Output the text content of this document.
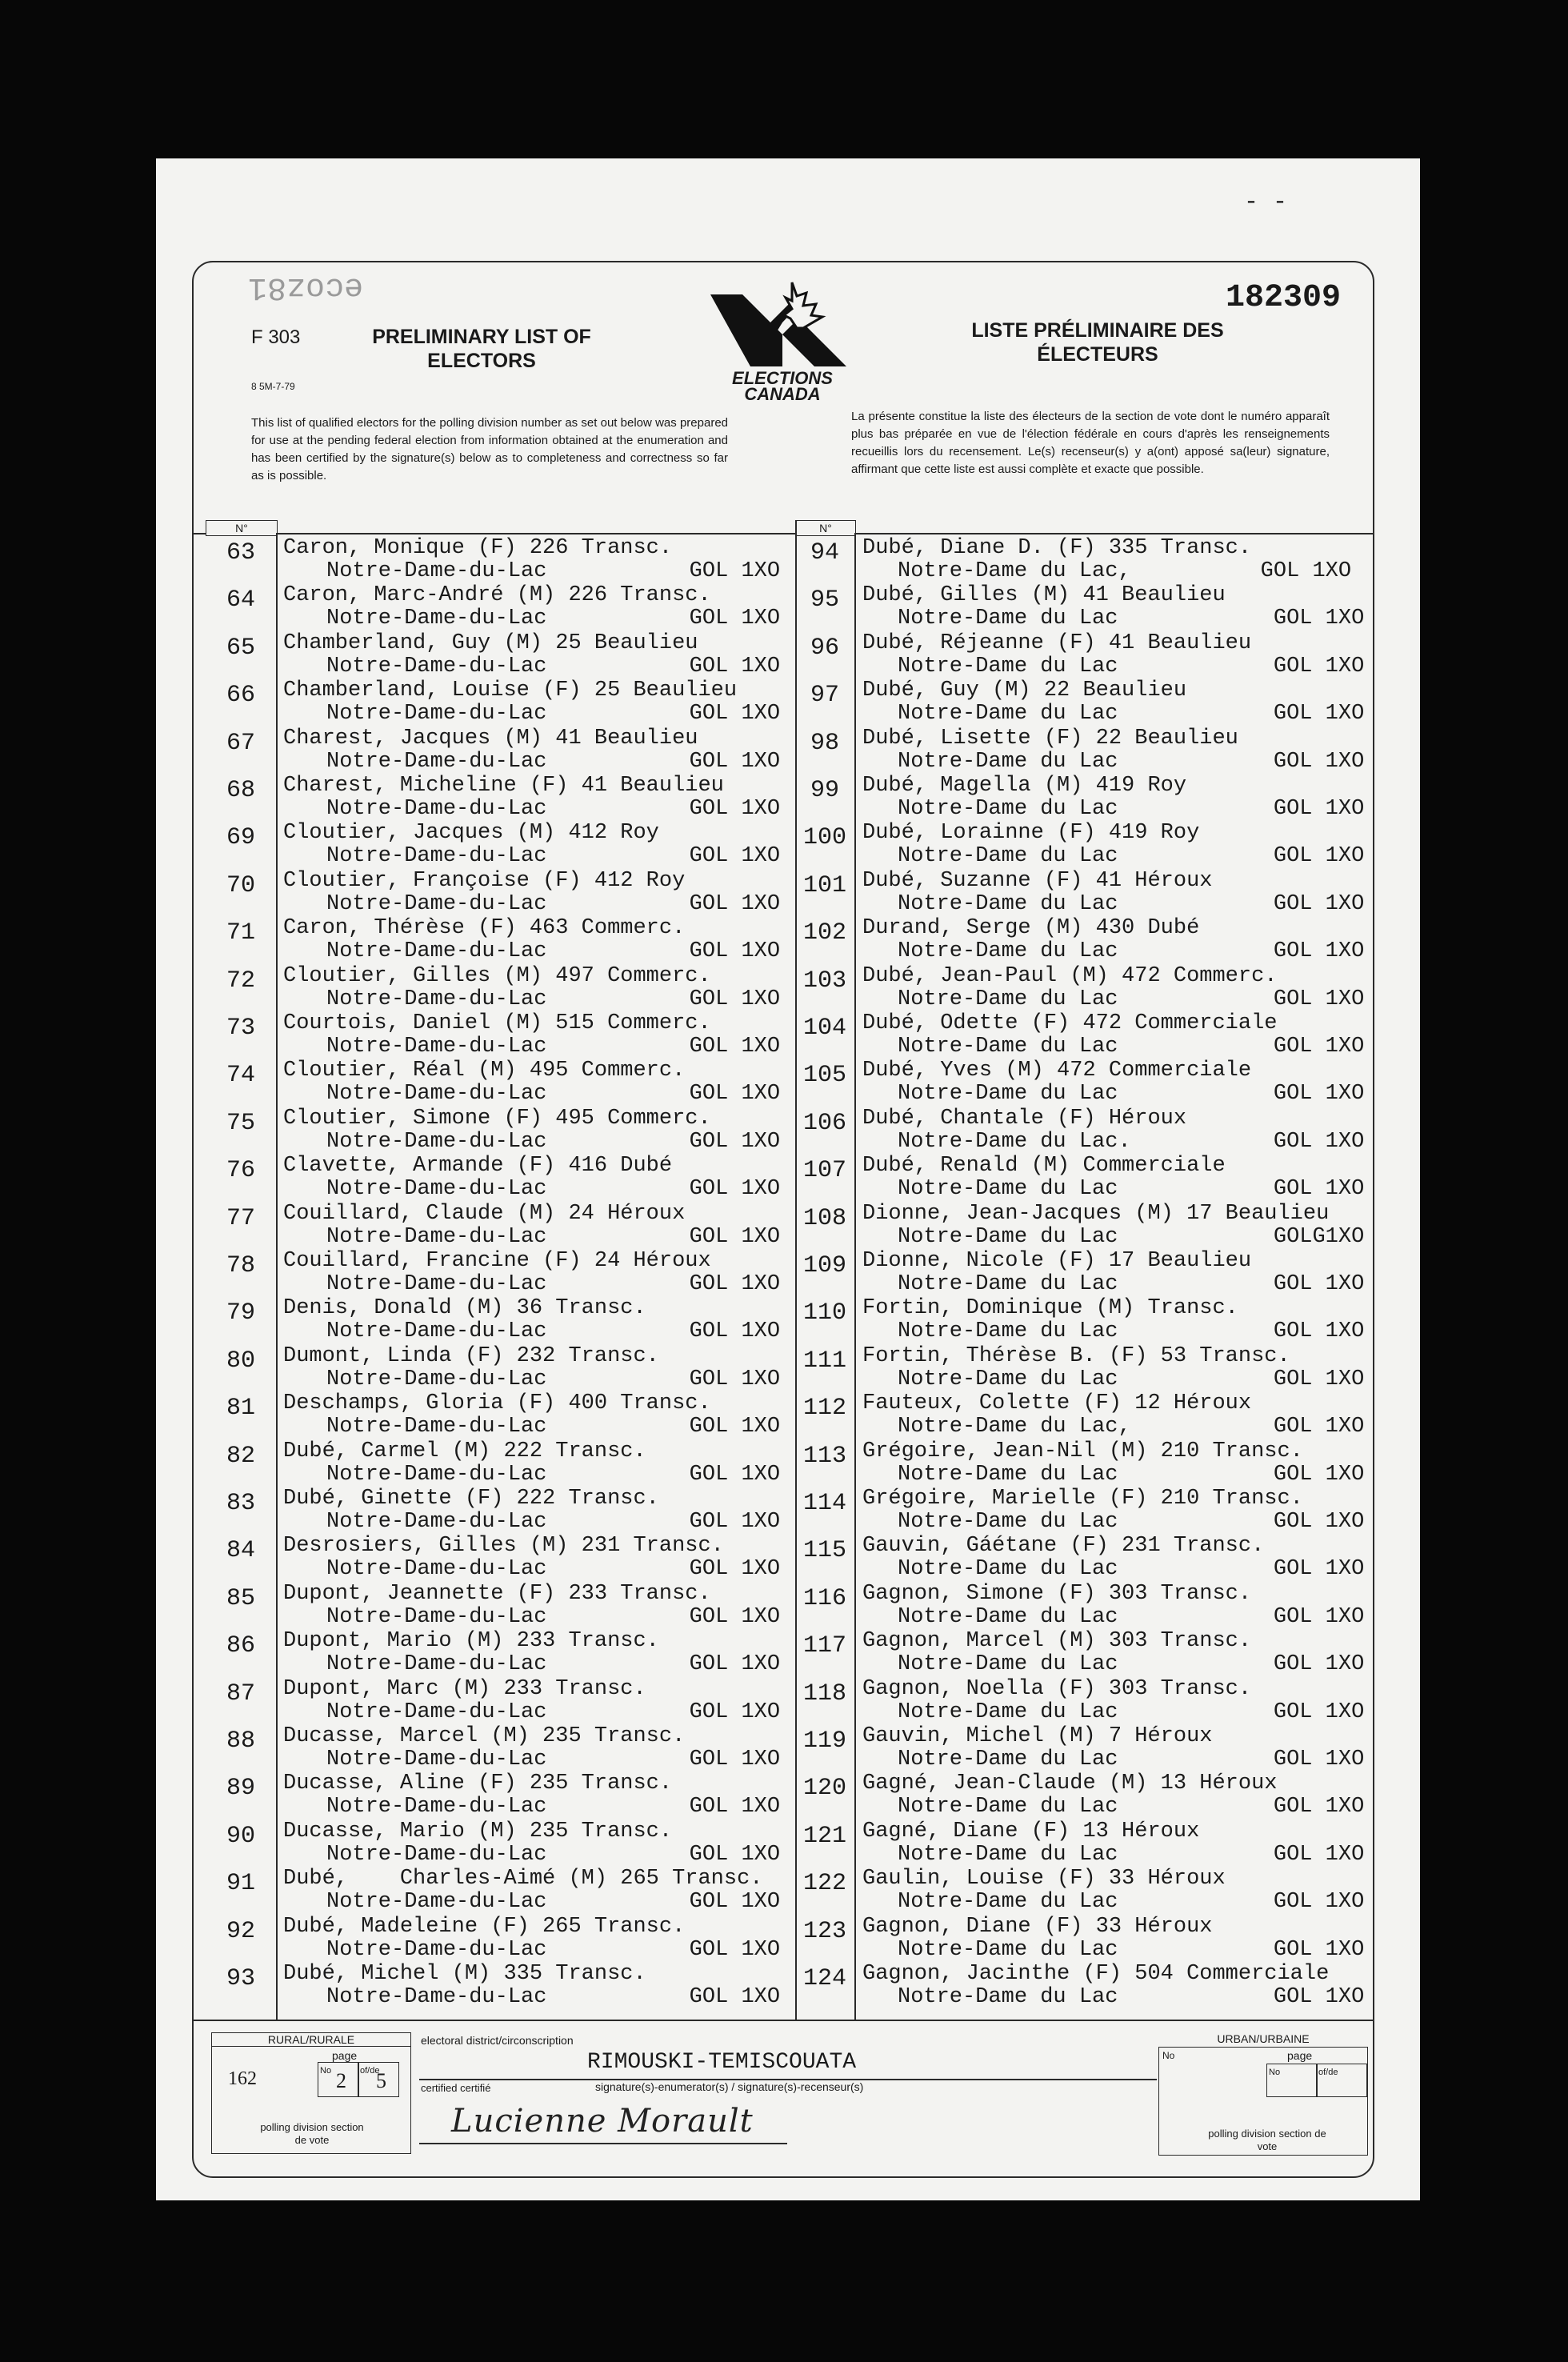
- -
ecoz81	182309
F 303
8 5M-7-79
PRELIMINARY LIST OF
ELECTORS
ELECTIONS
CANADA
LISTE PRÉLIMINAIRE DES
ÉLECTEURS
This list of qualified electors for the polling division number as set out below was prepared for use at the pending federal election from information obtained at the enumeration and has been certified by the signature(s) below as to completeness and correctness so far as is possible.
La présente constitue la liste des électeurs de la section de vote dont le numéro apparaît plus bas préparée en vue de l'élection fédérale en cours d'après les renseignements recueillis lors du recensement. Le(s) recenseur(s) y a(ont) apposé sa(leur) signature, affirmant que cette liste est aussi complète et exacte que possible.
N°	N°
63	Caron, Monique (F) 226 Transc.
Notre-Dame-du-Lac           GOL 1XO
64	Caron, Marc-André (M) 226 Transc.
Notre-Dame-du-Lac           GOL 1XO
65	Chamberland, Guy (M) 25 Beaulieu
Notre-Dame-du-Lac           GOL 1XO
66	Chamberland, Louise (F) 25 Beaulieu
Notre-Dame-du-Lac           GOL 1XO
67	Charest, Jacques (M) 41 Beaulieu
Notre-Dame-du-Lac           GOL 1XO
68	Charest, Micheline (F) 41 Beaulieu
Notre-Dame-du-Lac           GOL 1XO
69	Cloutier, Jacques (M) 412 Roy
Notre-Dame-du-Lac           GOL 1XO
70	Cloutier, Françoise (F) 412 Roy
Notre-Dame-du-Lac           GOL 1XO
71	Caron, Thérèse (F) 463 Commerc.
Notre-Dame-du-Lac           GOL 1XO
72	Cloutier, Gilles (M) 497 Commerc.
Notre-Dame-du-Lac           GOL 1XO
73	Courtois, Daniel (M) 515 Commerc.
Notre-Dame-du-Lac           GOL 1XO
74	Cloutier, Réal (M) 495 Commerc.
Notre-Dame-du-Lac           GOL 1XO
75	Cloutier, Simone (F) 495 Commerc.
Notre-Dame-du-Lac           GOL 1XO
76	Clavette, Armande (F) 416 Dubé
Notre-Dame-du-Lac           GOL 1XO
77	Couillard, Claude (M) 24 Héroux
Notre-Dame-du-Lac           GOL 1XO
78	Couillard, Francine (F) 24 Héroux
Notre-Dame-du-Lac           GOL 1XO
79	Denis, Donald (M) 36 Transc.
Notre-Dame-du-Lac           GOL 1XO
80	Dumont, Linda (F) 232 Transc.
Notre-Dame-du-Lac           GOL 1XO
81	Deschamps, Gloria (F) 400 Transc.
Notre-Dame-du-Lac           GOL 1XO
82	Dubé, Carmel (M) 222 Transc.
Notre-Dame-du-Lac           GOL 1XO
83	Dubé, Ginette (F) 222 Transc.
Notre-Dame-du-Lac           GOL 1XO
84	Desrosiers, Gilles (M) 231 Transc.
Notre-Dame-du-Lac           GOL 1XO
85	Dupont, Jeannette (F) 233 Transc.
Notre-Dame-du-Lac           GOL 1XO
86	Dupont, Mario (M) 233 Transc.
Notre-Dame-du-Lac           GOL 1XO
87	Dupont, Marc (M) 233 Transc.
Notre-Dame-du-Lac           GOL 1XO
88	Ducasse, Marcel (M) 235 Transc.
Notre-Dame-du-Lac           GOL 1XO
89	Ducasse, Aline (F) 235 Transc.
Notre-Dame-du-Lac           GOL 1XO
90	Ducasse, Mario (M) 235 Transc.
Notre-Dame-du-Lac           GOL 1XO
91	Dubé,    Charles-Aimé (M) 265 Transc.
Notre-Dame-du-Lac           GOL 1XO
92	Dubé, Madeleine (F) 265 Transc.
Notre-Dame-du-Lac           GOL 1XO
93	Dubé, Michel (M) 335 Transc.
Notre-Dame-du-Lac           GOL 1XO
94	Dubé, Diane D. (F) 335 Transc.
Notre-Dame du Lac,          GOL 1XO
95	Dubé, Gilles (M) 41 Beaulieu
Notre-Dame du Lac            GOL 1XO
96	Dubé, Réjeanne (F) 41 Beaulieu
Notre-Dame du Lac            GOL 1XO
97	Dubé, Guy (M) 22 Beaulieu
Notre-Dame du Lac            GOL 1XO
98	Dubé, Lisette (F) 22 Beaulieu
Notre-Dame du Lac            GOL 1XO
99	Dubé, Magella (M) 419 Roy
Notre-Dame du Lac            GOL 1XO
100 Dubé, Lorainne (F) 419 Roy
Notre-Dame du Lac            GOL 1XO
101 Dubé, Suzanne (F) 41 Héroux
Notre-Dame du Lac            GOL 1XO
102 Durand, Serge (M) 430 Dubé
Notre-Dame du Lac            GOL 1XO
103 Dubé, Jean-Paul (M) 472 Commerc.
Notre-Dame du Lac            GOL 1XO
104 Dubé, Odette (F) 472 Commerciale
Notre-Dame du Lac            GOL 1XO
105 Dubé, Yves (M) 472 Commerciale
Notre-Dame du Lac            GOL 1XO
106 Dubé, Chantale (F) Héroux
Notre-Dame du Lac.           GOL 1XO
107 Dubé, Renald (M) Commerciale
Notre-Dame du Lac            GOL 1XO
108 Dionne, Jean-Jacques (M) 17 Beaulieu
Notre-Dame du Lac            GOLG1XO
109 Dionne, Nicole (F) 17 Beaulieu
Notre-Dame du Lac            GOL 1XO
110 Fortin, Dominique (M) Transc.
Notre-Dame du Lac            GOL 1XO
111 Fortin, Thérèse B. (F) 53 Transc.
Notre-Dame du Lac            GOL 1XO
112 Fauteux, Colette (F) 12 Héroux
Notre-Dame du Lac,           GOL 1XO
113 Grégoire, Jean-Nil (M) 210 Transc.
Notre-Dame du Lac            GOL 1XO
114 Grégoire, Marielle (F) 210 Transc.
Notre-Dame du Lac            GOL 1XO
115 Gauvin, Gáétane (F) 231 Transc.
Notre-Dame du Lac            GOL 1XO
116 Gagnon, Simone (F) 303 Transc.
Notre-Dame du Lac            GOL 1XO
117 Gagnon, Marcel (M) 303 Transc.
Notre-Dame du Lac            GOL 1XO
118 Gagnon, Noella (F) 303 Transc.
Notre-Dame du Lac            GOL 1XO
119 Gauvin, Michel (M) 7 Héroux
Notre-Dame du Lac            GOL 1XO
120 Gagné, Jean-Claude (M) 13 Héroux
Notre-Dame du Lac            GOL 1XO
121 Gagné, Diane (F) 13 Héroux
Notre-Dame du Lac            GOL 1XO
122 Gaulin, Louise (F) 33 Héroux
Notre-Dame du Lac            GOL 1XO
123 Gagnon, Diane (F) 33 Héroux
Notre-Dame du Lac            GOL 1XO
124 Gagnon, Jacinthe (F) 504 Commerciale
Notre-Dame du Lac            GOL 1XO
RURAL/RURALE
page
162	No 2 of/de
5
polling division section de vote
electoral district/circonscription
RIMOUSKI-TEMISCOUATA
certified certifié	signature(s)-enumerator(s) / signature(s)-recenseur(s)
Lucienne Morault
URBAN/URBAINE
No	page
No	of/de
polling division section de vote
